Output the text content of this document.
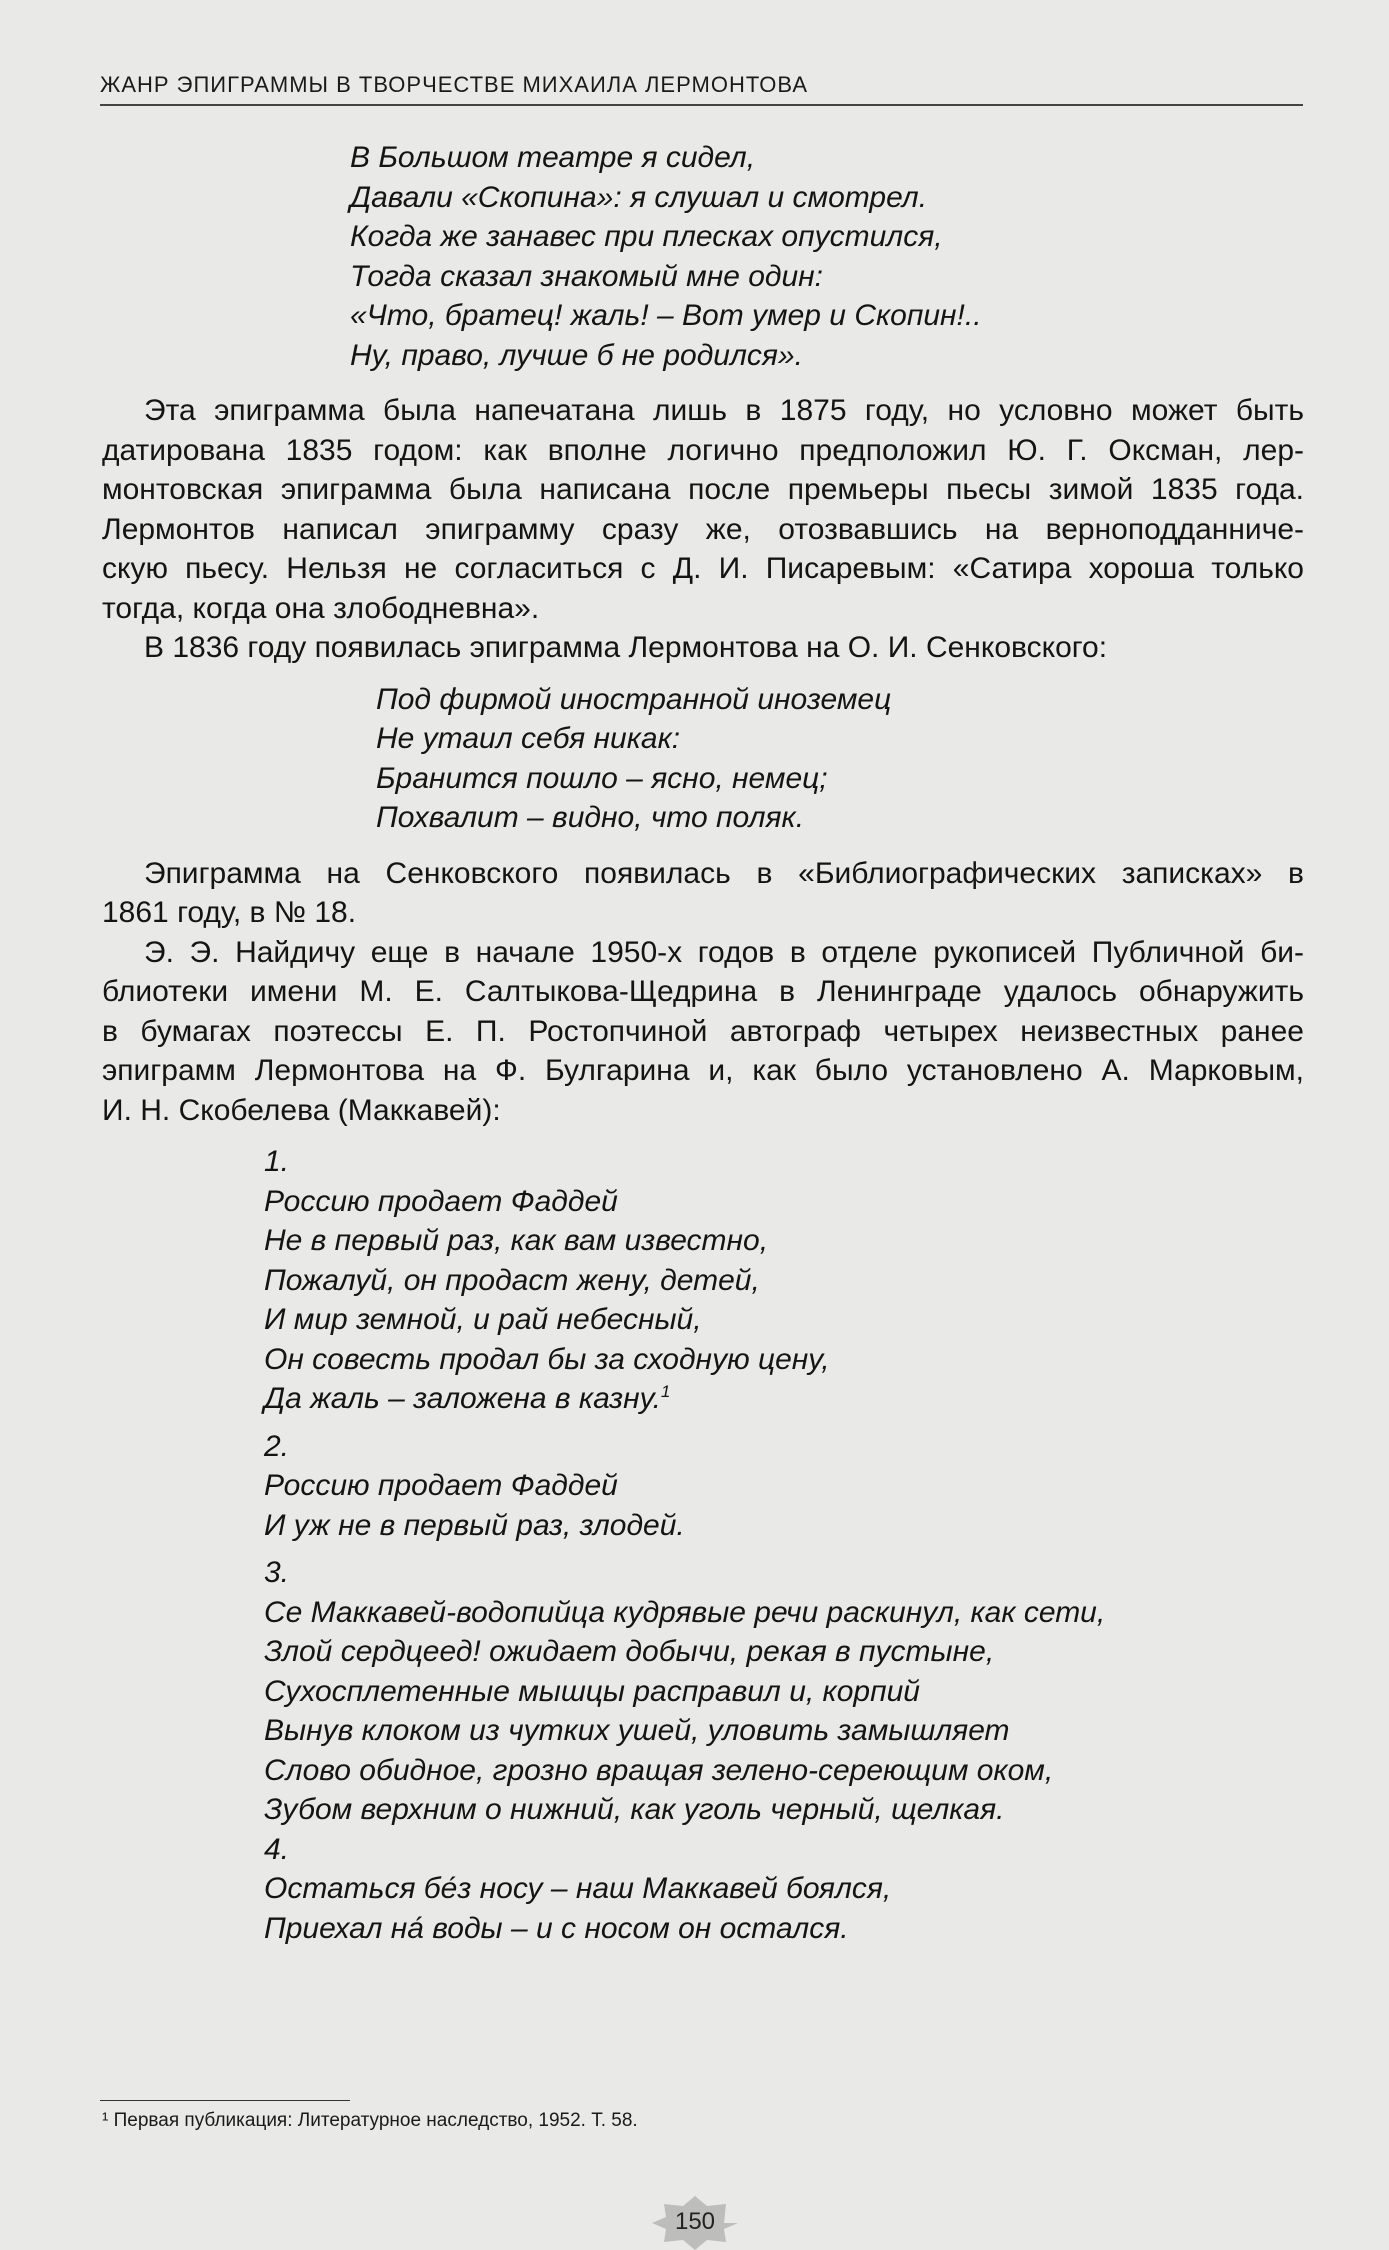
ЖАНР ЭПИГРАММЫ В ТВОРЧЕСТВЕ МИХАИЛА ЛЕРМОНТОВА
В Большом театре я сидел,
Давали «Скопина»: я слушал и смотрел.
Когда же занавес при плесках опустился,
Тогда сказал знакомый мне один:
«Что, братец! жаль! – Вот умер и Скопин!..
Ну, право, лучше б не родился».
Эта эпиграмма была напечатана лишь в 1875 году, но условно может быть
датирована 1835 годом: как вполне логично предположил Ю. Г. Оксман, лер-
монтовская эпиграмма была написана после премьеры пьесы зимой 1835 года.
Лермонтов написал эпиграмму сразу же, отозвавшись на верноподданниче-
скую пьесу. Нельзя не согласиться с Д. И. Писаревым: «Сатира хороша только
тогда, когда она злободневна».
В 1836 году появилась эпиграмма Лермонтова на О. И. Сенковского:
Под фирмой иностранной иноземец
Не утаил себя никак:
Бранится пошло – ясно, немец;
Похвалит – видно, что поляк.
Эпиграмма на Сенковского появилась в «Библиографических записках» в
1861 году, в № 18.
Э. Э. Найдичу еще в начале 1950-х годов в отделе рукописей Публичной би-
блиотеки имени М. Е. Салтыкова-Щедрина в Ленинграде удалось обнаружить
в бумагах поэтессы Е. П. Ростопчиной автограф четырех неизвестных ранее
эпиграмм Лермонтова на Ф. Булгарина и, как было установлено А. Марковым,
И. Н. Скобелева (Маккавей):
1.
Россию продает Фаддей
Не в первый раз, как вам известно,
Пожалуй, он продаст жену, детей,
И мир земной, и рай небесный,
Он совесть продал бы за сходную цену,
Да жаль – заложена в казну.$^1$
2.
Россию продает Фаддей
И уж не в первый раз, злодей.
3.
Се Маккавей-водопийца кудрявые речи раскинул, как сети,
Злой сердцеед! ожидает добычи, рекая в пустыне,
Сухосплетенные мышцы расправил и, корпий
Вынув клоком из чутких ушей, уловить замышляет
Слово обидное, грозно вращая зелено-сереющим оком,
Зубом верхним о нижний, как уголь черный, щелкая.
4.
Остаться бе́з носу – наш Маккавей боялся,
Приехал на́ воды – и с носом он остался.
¹ Первая публикация: Литературное наследство, 1952. Т. 58.
150
